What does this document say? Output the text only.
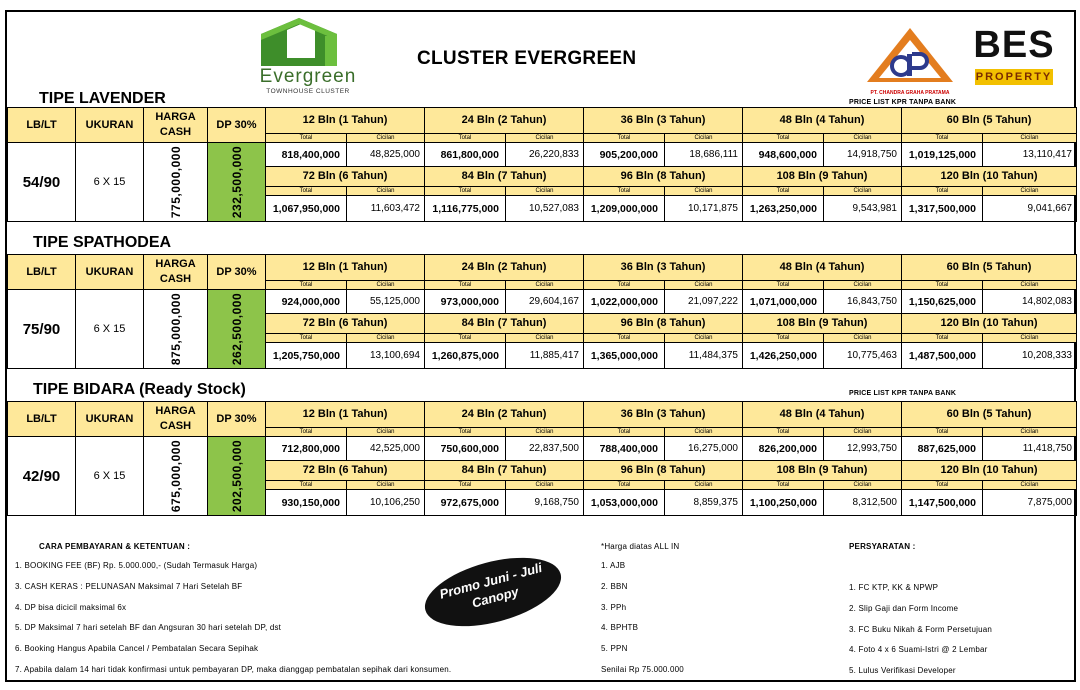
Evergreen
TOWNHOUSE CLUSTER
CLUSTER EVERGREEN
PT. CHANDRA GRAHA PRATAMA
BES
PROPERTY
PRICE LIST KPR TANPA BANK
TIPE LAVENDER
TIPE SPATHODEA
TIPE BIDARA (Ready Stock)	PRICE LIST KPR TANPA BANK
LB/LT	UKURAN	HARGA CASH	DP 30%	12 Bln (1 Tahun)		24 Bln (2 Tahun)		36 Bln (3 Tahun)		48 Bln (4 Tahun)		60 Bln (5 Tahun)	
				Total	Cicilan	Total	Cicilan	Total	Cicilan	Total	Cicilan	Total	Cicilan
54/90	6 X 15	775,000,000	232,500,000	818,400,000	48,825,000	861,800,000	26,220,833	905,200,000	18,686,111	948,600,000	14,918,750	1,019,125,000	13,110,417
				72 Bln (6 Tahun)		84 Bln (7 Tahun)		96 Bln (8 Tahun)		108 Bln (9 Tahun)		120 Bln (10 Tahun)	
				Total	Cicilan	Total	Cicilan	Total	Cicilan	Total	Cicilan	Total	Cicilan
				1,067,950,000	11,603,472	1,116,775,000	10,527,083	1,209,000,000	10,171,875	1,263,250,000	9,543,981	1,317,500,000	9,041,667
LB/LT	UKURAN	HARGA CASH	DP 30%	12 Bln (1 Tahun)		24 Bln (2 Tahun)		36 Bln (3 Tahun)		48 Bln (4 Tahun)		60 Bln (5 Tahun)	
				Total	Cicilan	Total	Cicilan	Total	Cicilan	Total	Cicilan	Total	Cicilan
75/90	6 X 15	875,000,000	262,500,000	924,000,000	55,125,000	973,000,000	29,604,167	1,022,000,000	21,097,222	1,071,000,000	16,843,750	1,150,625,000	14,802,083
				72 Bln (6 Tahun)		84 Bln (7 Tahun)		96 Bln (8 Tahun)		108 Bln (9 Tahun)		120 Bln (10 Tahun)	
				Total	Cicilan	Total	Cicilan	Total	Cicilan	Total	Cicilan	Total	Cicilan
				1,205,750,000	13,100,694	1,260,875,000	11,885,417	1,365,000,000	11,484,375	1,426,250,000	10,775,463	1,487,500,000	10,208,333
LB/LT	UKURAN	HARGA CASH	DP 30%	12 Bln (1 Tahun)		24 Bln (2 Tahun)		36 Bln (3 Tahun)		48 Bln (4 Tahun)		60 Bln (5 Tahun)	
				Total	Cicilan	Total	Cicilan	Total	Cicilan	Total	Cicilan	Total	Cicilan
42/90	6 X 15	675,000,000	202,500,000	712,800,000	42,525,000	750,600,000	22,837,500	788,400,000	16,275,000	826,200,000	12,993,750	887,625,000	11,418,750
				72 Bln (6 Tahun)		84 Bln (7 Tahun)		96 Bln (8 Tahun)		108 Bln (9 Tahun)		120 Bln (10 Tahun)	
				Total	Cicilan	Total	Cicilan	Total	Cicilan	Total	Cicilan	Total	Cicilan
				930,150,000	10,106,250	972,675,000	9,168,750	1,053,000,000	8,859,375	1,100,250,000	8,312,500	1,147,500,000	7,875,000
CARA PEMBAYARAN & KETENTUAN :
1. BOOKING FEE (BF) Rp. 5.000.000,- (Sudah Termasuk Harga)
3. CASH KERAS : PELUNASAN Maksimal 7 Hari Setelah BF
4. DP bisa dicicil maksimal 6x
5. DP Maksimal 7 hari setelah BF dan Angsuran 30 hari setelah DP, dst
6. Booking Hangus Apabila Cancel / Pembatalan Secara Sepihak
7. Apabila dalam 14 hari tidak konfirmasi untuk pembayaran DP, maka dianggap pembatalan sepihak dari konsumen.
Promo Juni - Juli Canopy
*Harga diatas ALL IN
1. AJB
2. BBN
3. PPh
4. BPHTB
5. PPN
Senilai Rp 75.000.000
PERSYARATAN :
1. FC KTP, KK & NPWP
2. Slip Gaji dan Form Income
3. FC Buku Nikah & Form Persetujuan
4. Foto 4 x 6 Suami-Istri @ 2 Lembar
5. Lulus Verifikasi Developer
